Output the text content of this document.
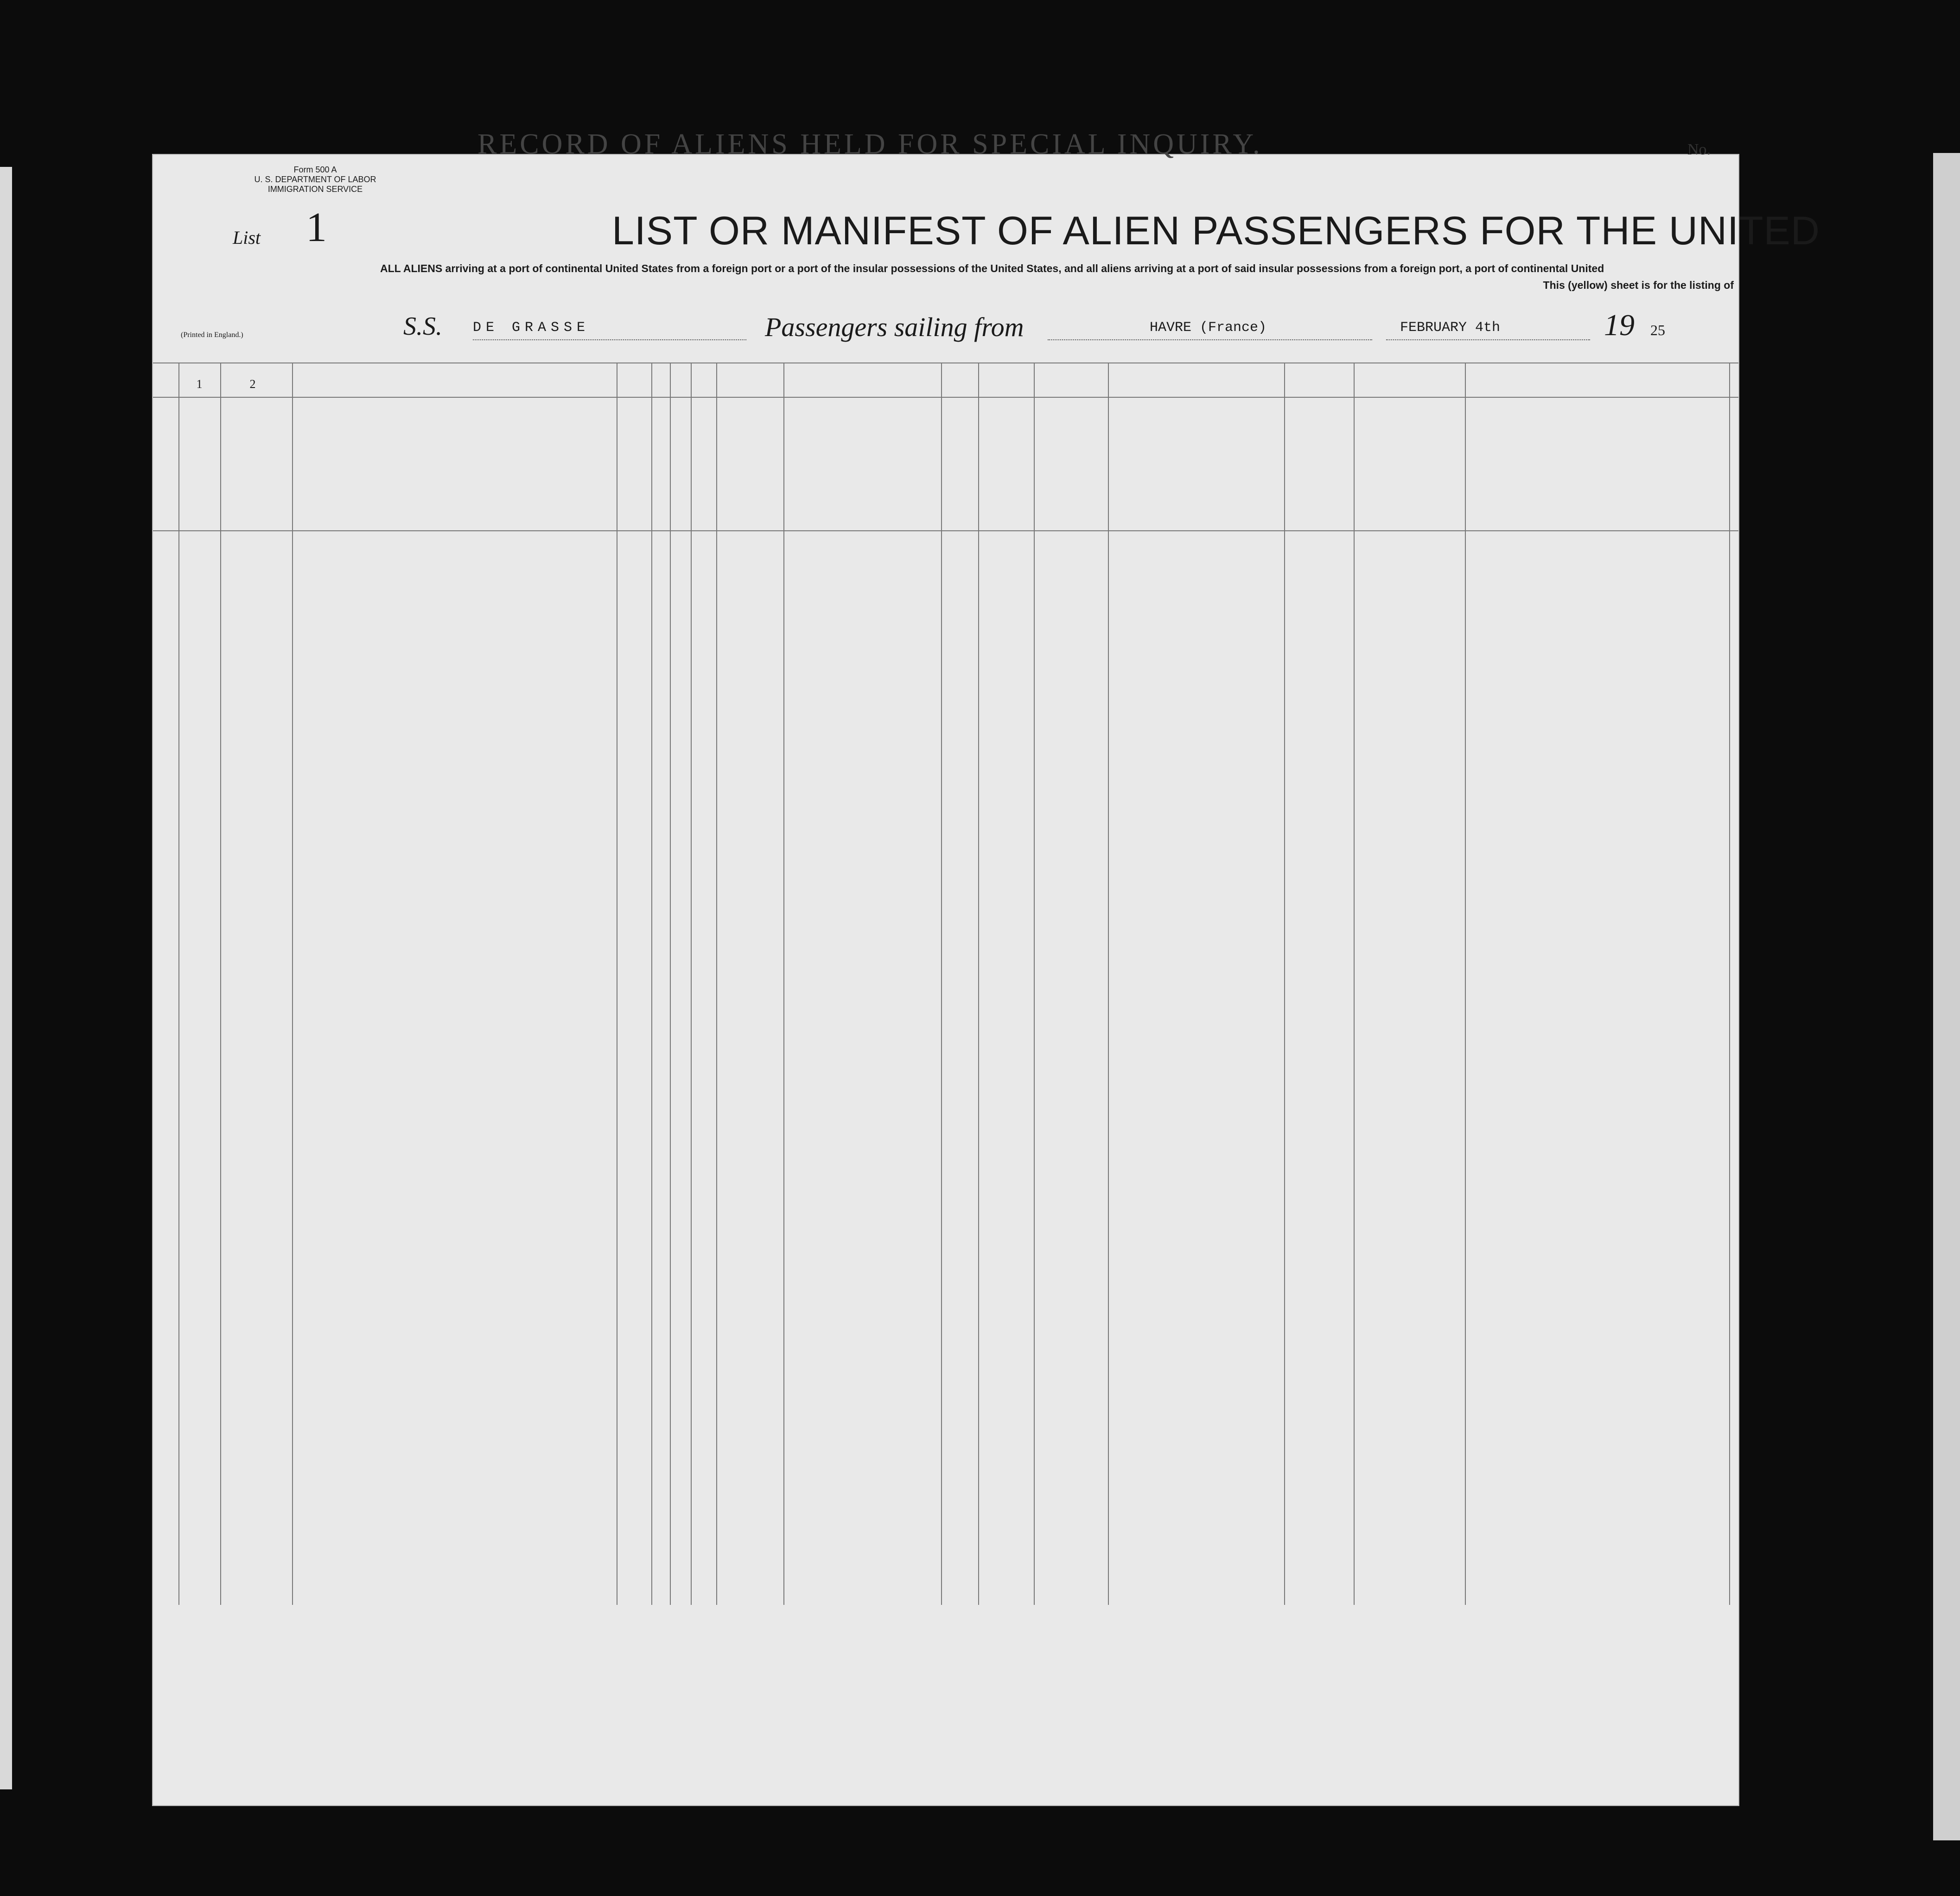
RECORD OF ALIENS HELD FOR SPECIAL INQUIRY.	No.
Form 500 A
U. S. DEPARTMENT OF LABOR
IMMIGRATION SERVICE
List 1	LIST OR MANIFEST OF ALIEN PASSENGERS FOR THE UNITED
ALL ALIENS arriving at a port of continental United States from a foreign port or a port of the insular possessions of the United States, and all aliens arriving at a port of said insular possessions from a foreign port, a port of continental United
This (yellow) sheet is for the listing of
(Printed in England.)	S.S. DE GRASSE	Passengers sailing from	HAVRE (France)	FEBRUARY 4th	19 25
1	2
